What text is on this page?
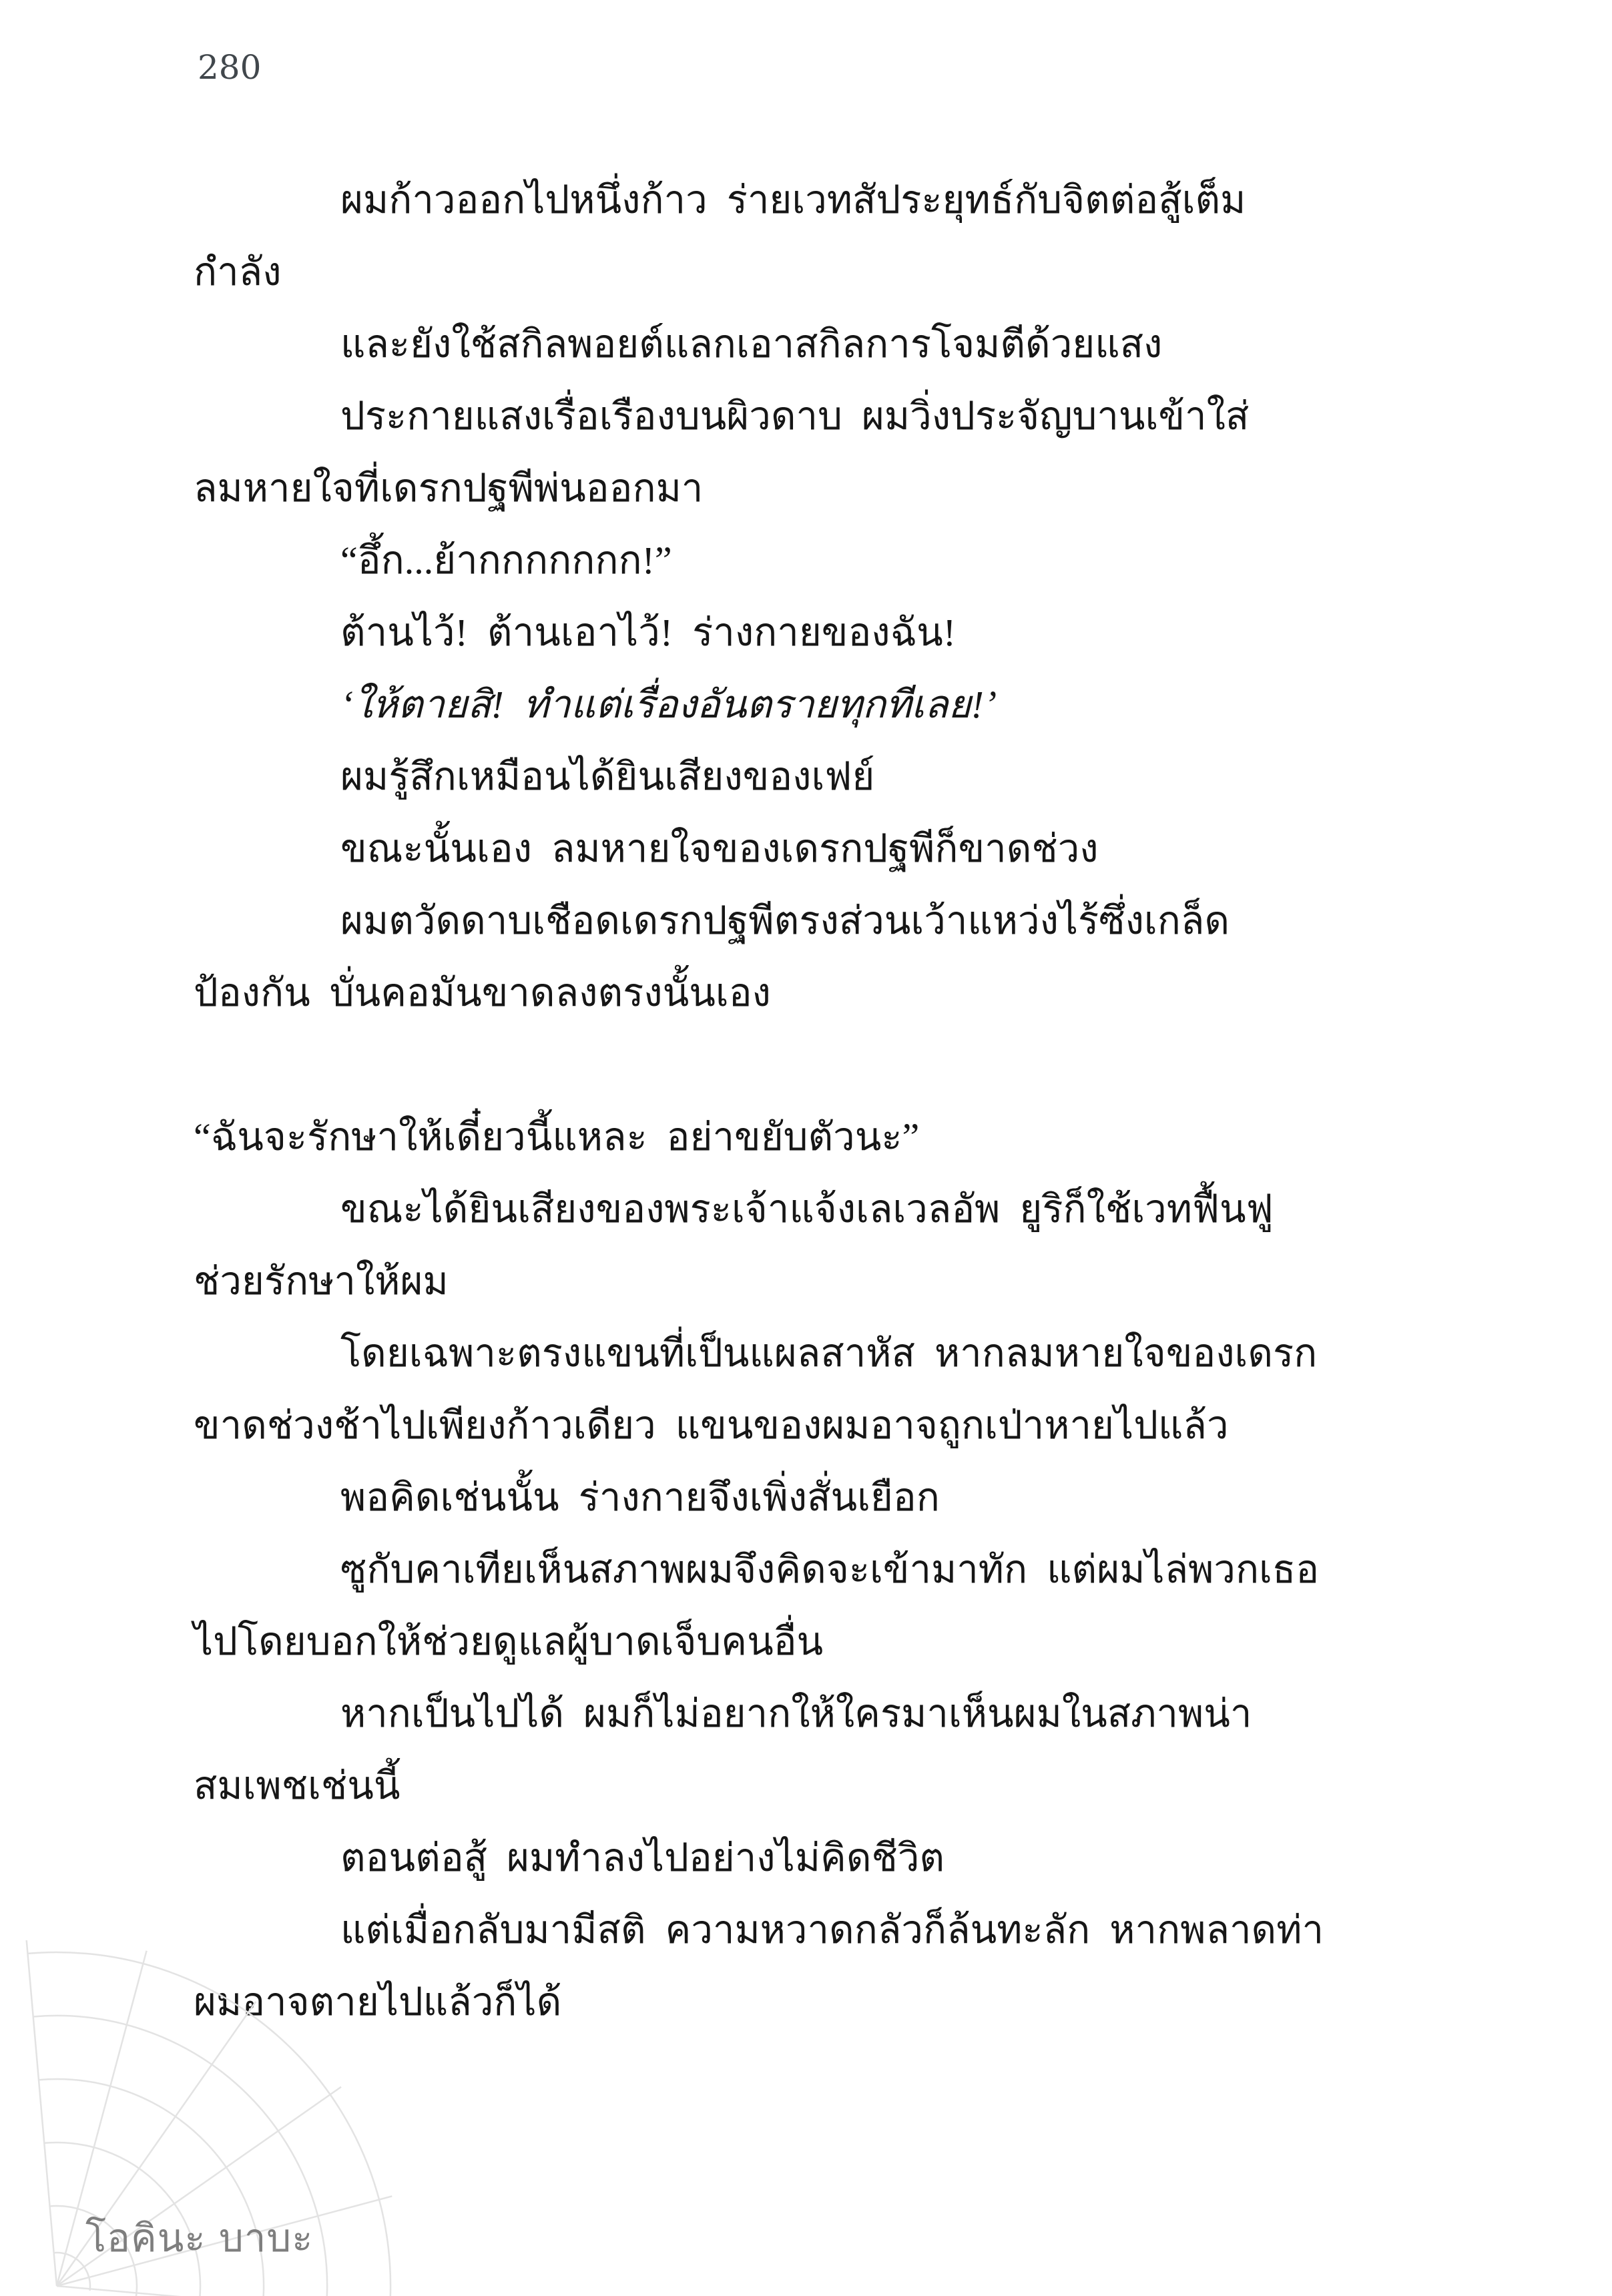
280
ผมก้าวออกไปหนึ่งก้าว  ร่ายเวทสัประยุทธ์กับจิตต่อสู้เต็ม
กำลัง
และยังใช้สกิลพอยต์แลกเอาสกิลการโจมตีด้วยแสง
ประกายแสงเรื่อเรืองบนผิวดาบ  ผมวิ่งประจัญบานเข้าใส่
ลมหายใจที่เดรกปฐพีพ่นออกมา
“อึ้ก...ย้ากกกกกกก!”
ต้านไว้!  ต้านเอาไว้!  ร่างกายของฉัน!
‘ให้ตายสิ!  ทำแต่เรื่องอันตรายทุกทีเลย!’
ผมรู้สึกเหมือนได้ยินเสียงของเฟย์
ขณะนั้นเอง  ลมหายใจของเดรกปฐพีก็ขาดช่วง
ผมตวัดดาบเชือดเดรกปฐพีตรงส่วนเว้าแหว่งไร้ซึ่งเกล็ด
ป้องกัน  บั่นคอมันขาดลงตรงนั้นเอง
“ฉันจะรักษาให้เดี๋ยวนี้แหละ  อย่าขยับตัวนะ”
ขณะได้ยินเสียงของพระเจ้าแจ้งเลเวลอัพ  ยูริก็ใช้เวทฟื้นฟู
ช่วยรักษาให้ผม
โดยเฉพาะตรงแขนที่เป็นแผลสาหัส  หากลมหายใจของเดรก
ขาดช่วงช้าไปเพียงก้าวเดียว  แขนของผมอาจถูกเป่าหายไปแล้ว
พอคิดเช่นนั้น  ร่างกายจึงเพิ่งสั่นเยือก
ซูกับคาเทียเห็นสภาพผมจึงคิดจะเข้ามาทัก  แต่ผมไล่พวกเธอ
ไปโดยบอกให้ช่วยดูแลผู้บาดเจ็บคนอื่น
หากเป็นไปได้  ผมก็ไม่อยากให้ใครมาเห็นผมในสภาพน่า
สมเพชเช่นนี้
ตอนต่อสู้  ผมทำลงไปอย่างไม่คิดชีวิต
แต่เมื่อกลับมามีสติ  ความหวาดกลัวก็ล้นทะลัก  หากพลาดท่า
ผมอาจตายไปแล้วก็ได้
โอคินะ บาบะ
